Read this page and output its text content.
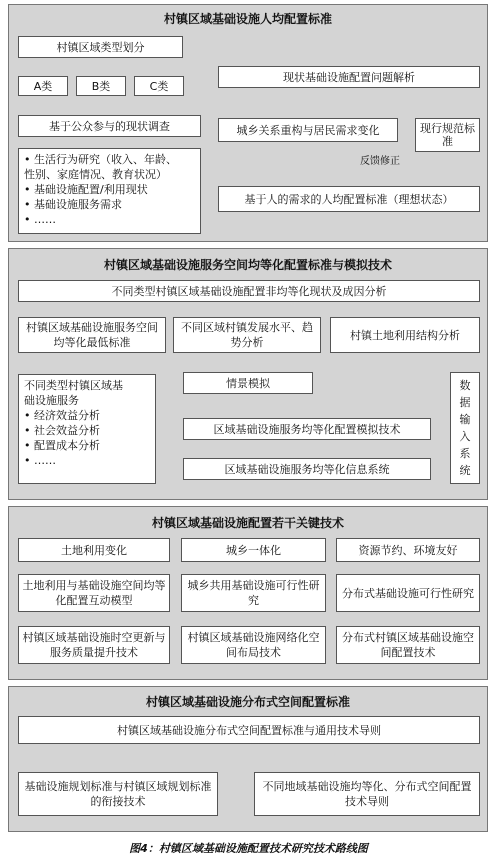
村镇区域基础设施人均配置标准
村镇区域类型划分
A类	B类	C类
基于公众参与的现状调查
• 生活行为研究（收入、年龄、
性别、家庭情况、教育状况）
• 基础设施配置/利用现状
• 基础设施服务需求
• ……
现状基础设施配置问题解析
城乡关系重构与居民需求变化	现行规范标准
反馈修正
基于人的需求的人均配置标准（理想状态）
村镇区域基础设施服务空间均等化配置标准与模拟技术
不同类型村镇区域基础设施配置非均等化现状及成因分析
村镇区域基础设施服务空间均等化最低标准
不同区域村镇发展水平、趋势分析
村镇土地利用结构分析
不同类型村镇区域基
础设施服务
• 经济效益分析
• 社会效益分析
• 配置成本分析
• ……
情景模拟
区域基础设施服务均等化配置模拟技术
区域基础设施服务均等化信息系统
数
据
输
入
系
统
村镇区域基础设施配置若干关键技术
土地利用变化
土地利用与基础设施空间均等化配置互动模型
村镇区域基础设施时空更新与服务质量提升技术
城乡一体化
城乡共用基础设施可行性研究
村镇区域基础设施网络化空间布局技术
资源节约、环境友好
分布式基础设施可行性研究
分布式村镇区域基础设施空间配置技术
村镇区域基础设施分布式空间配置标准
村镇区域基础设施分布式空间配置标准与通用技术导则
基础设施规划标准与村镇区域规划标准的衔接技术
不同地域基础设施均等化、分布式空间配置技术导则
图4：村镇区域基础设施配置技术研究技术路线图
